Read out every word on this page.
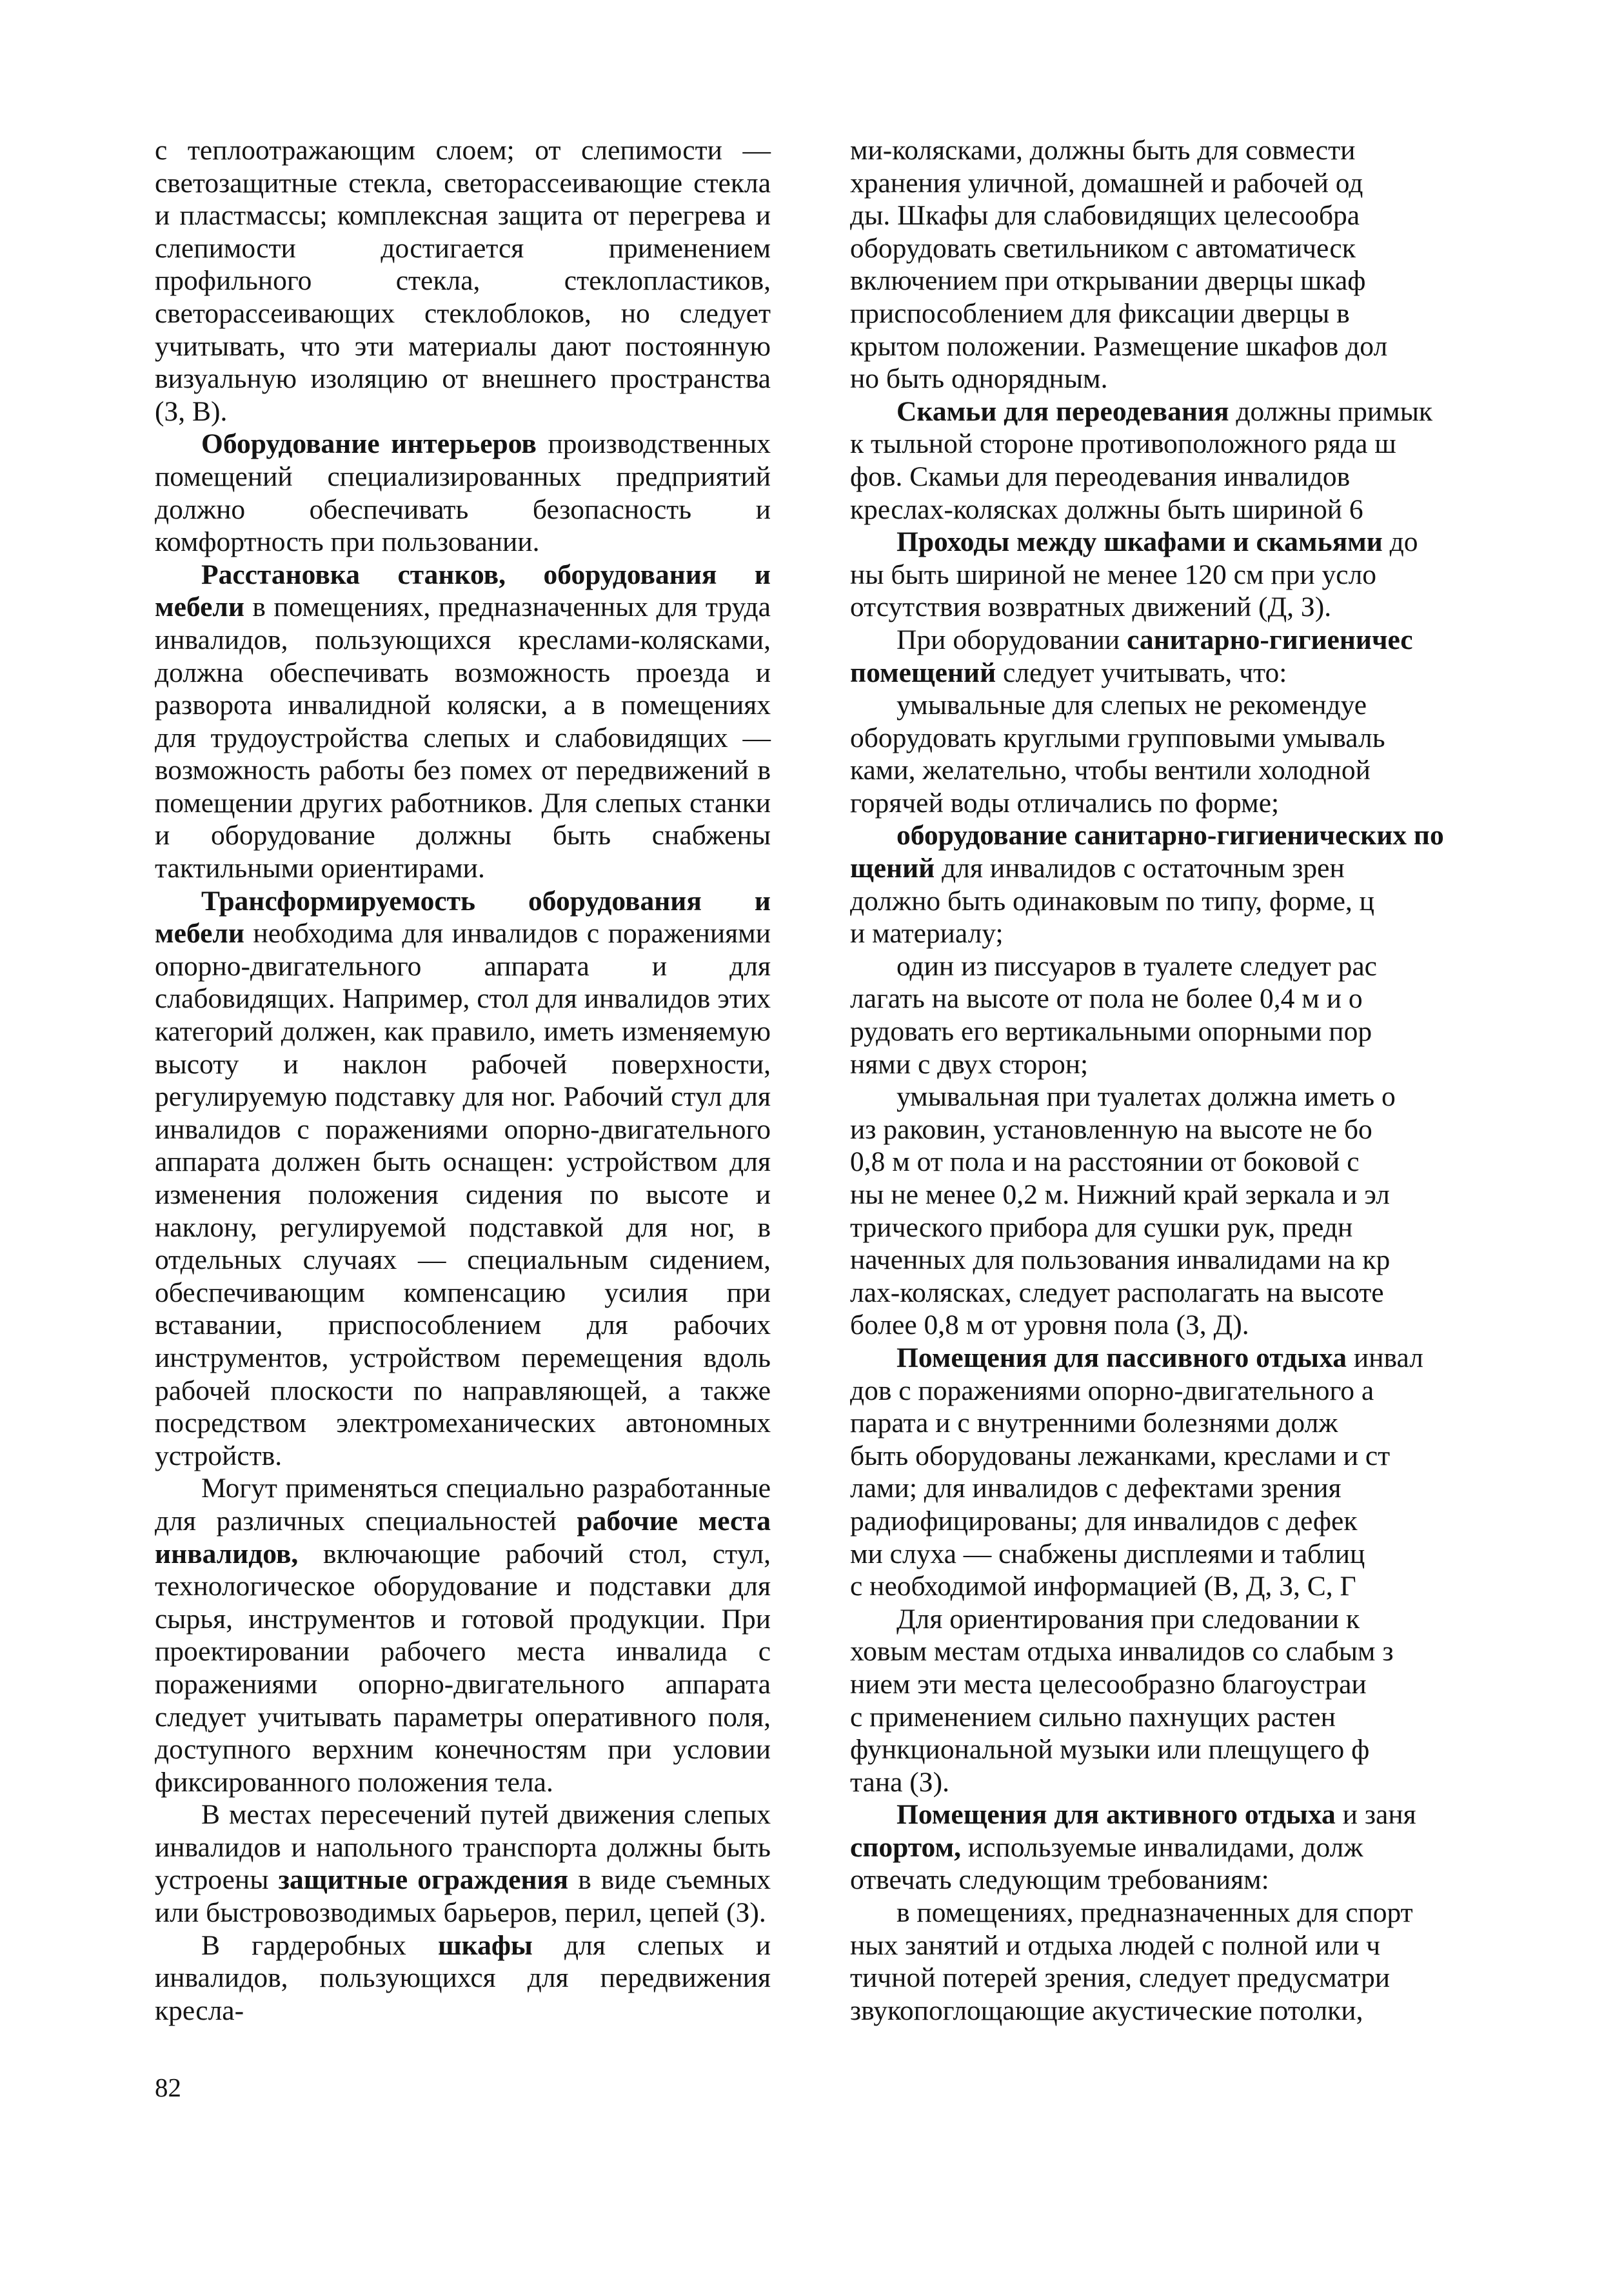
с теплоотражающим слоем; от слепимости — светозащитные стекла, светорассеивающие стекла и пластмассы; комплексная защита от перегрева и слепимости достигается применением профильного стекла, стеклопластиков, светорассеивающих стеклоблоков, но следует учитывать, что эти материалы дают постоянную визуальную изоляцию от внешнего пространства (З, В).

Оборудование интерьеров производственных помещений специализированных предприятий должно обеспечивать безопасность и комфортность при пользовании.

Расстановка станков, оборудования и мебели в помещениях, предназначенных для труда инвалидов, пользующихся креслами-колясками, должна обеспечивать возможность проезда и разворота инвалидной коляски, а в помещениях для трудоустройства слепых и слабовидящих — возможность работы без помех от передвижений в помещении других работников. Для слепых станки и оборудование должны быть снабжены тактильными ориентирами.

Трансформируемость оборудования и мебели необходима для инвалидов с поражениями опорно-двигательного аппарата и для слабовидящих. Например, стол для инвалидов этих категорий должен, как правило, иметь изменяемую высоту и наклон рабочей поверхности, регулируемую подставку для ног. Рабочий стул для инвалидов с поражениями опорно-двигательного аппарата должен быть оснащен: устройством для изменения положения сидения по высоте и наклону, регулируемой подставкой для ног, в отдельных случаях — специальным сидением, обеспечивающим компенсацию усилия при вставании, приспособлением для рабочих инструментов, устройством перемещения вдоль рабочей плоскости по направляющей, а также посредством электромеханических автономных устройств.

Могут применяться специально разработанные для различных специальностей рабочие места инвалидов, включающие рабочий стол, стул, технологическое оборудование и подставки для сырья, инструментов и готовой продукции. При проектировании рабочего места инвалида с поражениями опорно-двигательного аппарата следует учитывать параметры оперативного поля, доступного верхним конечностям при условии фиксированного положения тела.

В местах пересечений путей движения слепых инвалидов и напольного транспорта должны быть устроены защитные ограждения в виде съемных или быстровозводимых барьеров, перил, цепей (З).

В гардеробных шкафы для слепых и инвалидов, пользующихся для передвижения кресла-

ми-колясками, должны быть для совмести

хранения уличной, домашней и рабочей од

ды. Шкафы для слабовидящих целесообра

оборудовать светильником с автоматическ

включением при открывании дверцы шкаф

приспособлением для фиксации дверцы в

крытом положении. Размещение шкафов дол

но быть однорядным.

Скамьи для переодевания должны примык

к тыльной стороне противоположного ряда ш

фов. Скамьи для переодевания инвалидов

креслах-колясках должны быть шириной 6

Проходы между шкафами и скамьями до

ны быть шириной не менее 120 см при усло

отсутствия возвратных движений (Д, З).

При оборудовании санитарно-гигиеничес

помещений следует учитывать, что:

умывальные для слепых не рекомендуе

оборудовать круглыми групповыми умываль

ками, желательно, чтобы вентили холодной

горячей воды отличались по форме;

оборудование санитарно-гигиенических по

щений для инвалидов с остаточным зрен

должно быть одинаковым по типу, форме, ц

и материалу;

один из писсуаров в туалете следует рас

лагать на высоте от пола не более 0,4 м и о

рудовать его вертикальными опорными пор

нями с двух сторон;

умывальная при туалетах должна иметь о

из раковин, установленную на высоте не бо

0,8 м от пола и на расстоянии от боковой с

ны не менее 0,2 м. Нижний край зеркала и эл

трического прибора для сушки рук, предн

наченных для пользования инвалидами на кр

лах-колясках, следует располагать на высоте

более 0,8 м от уровня пола (З, Д).

Помещения для пассивного отдыха инвал

дов с поражениями опорно-двигательного а

парата и с внутренними болезнями долж

быть оборудованы лежанками, креслами и ст

лами; для инвалидов с дефектами зрения

радиофицированы; для инвалидов с дефек

ми слуха — снабжены дисплеями и таблиц

с необходимой информацией (В, Д, З, С, Г

Для ориентирования при следовании к

ховым местам отдыха инвалидов со слабым з

нием эти места целесообразно благоустраи

с применением сильно пахнущих растен

функциональной музыки или плещущего ф

тана (З).

Помещения для активного отдыха и заня

спортом, используемые инвалидами, долж

отвечать следующим требованиям:

в помещениях, предназначенных для спорт

ных занятий и отдыха людей с полной или ч

тичной потерей зрения, следует предусматри

звукопоглощающие акустические потолки,

82
